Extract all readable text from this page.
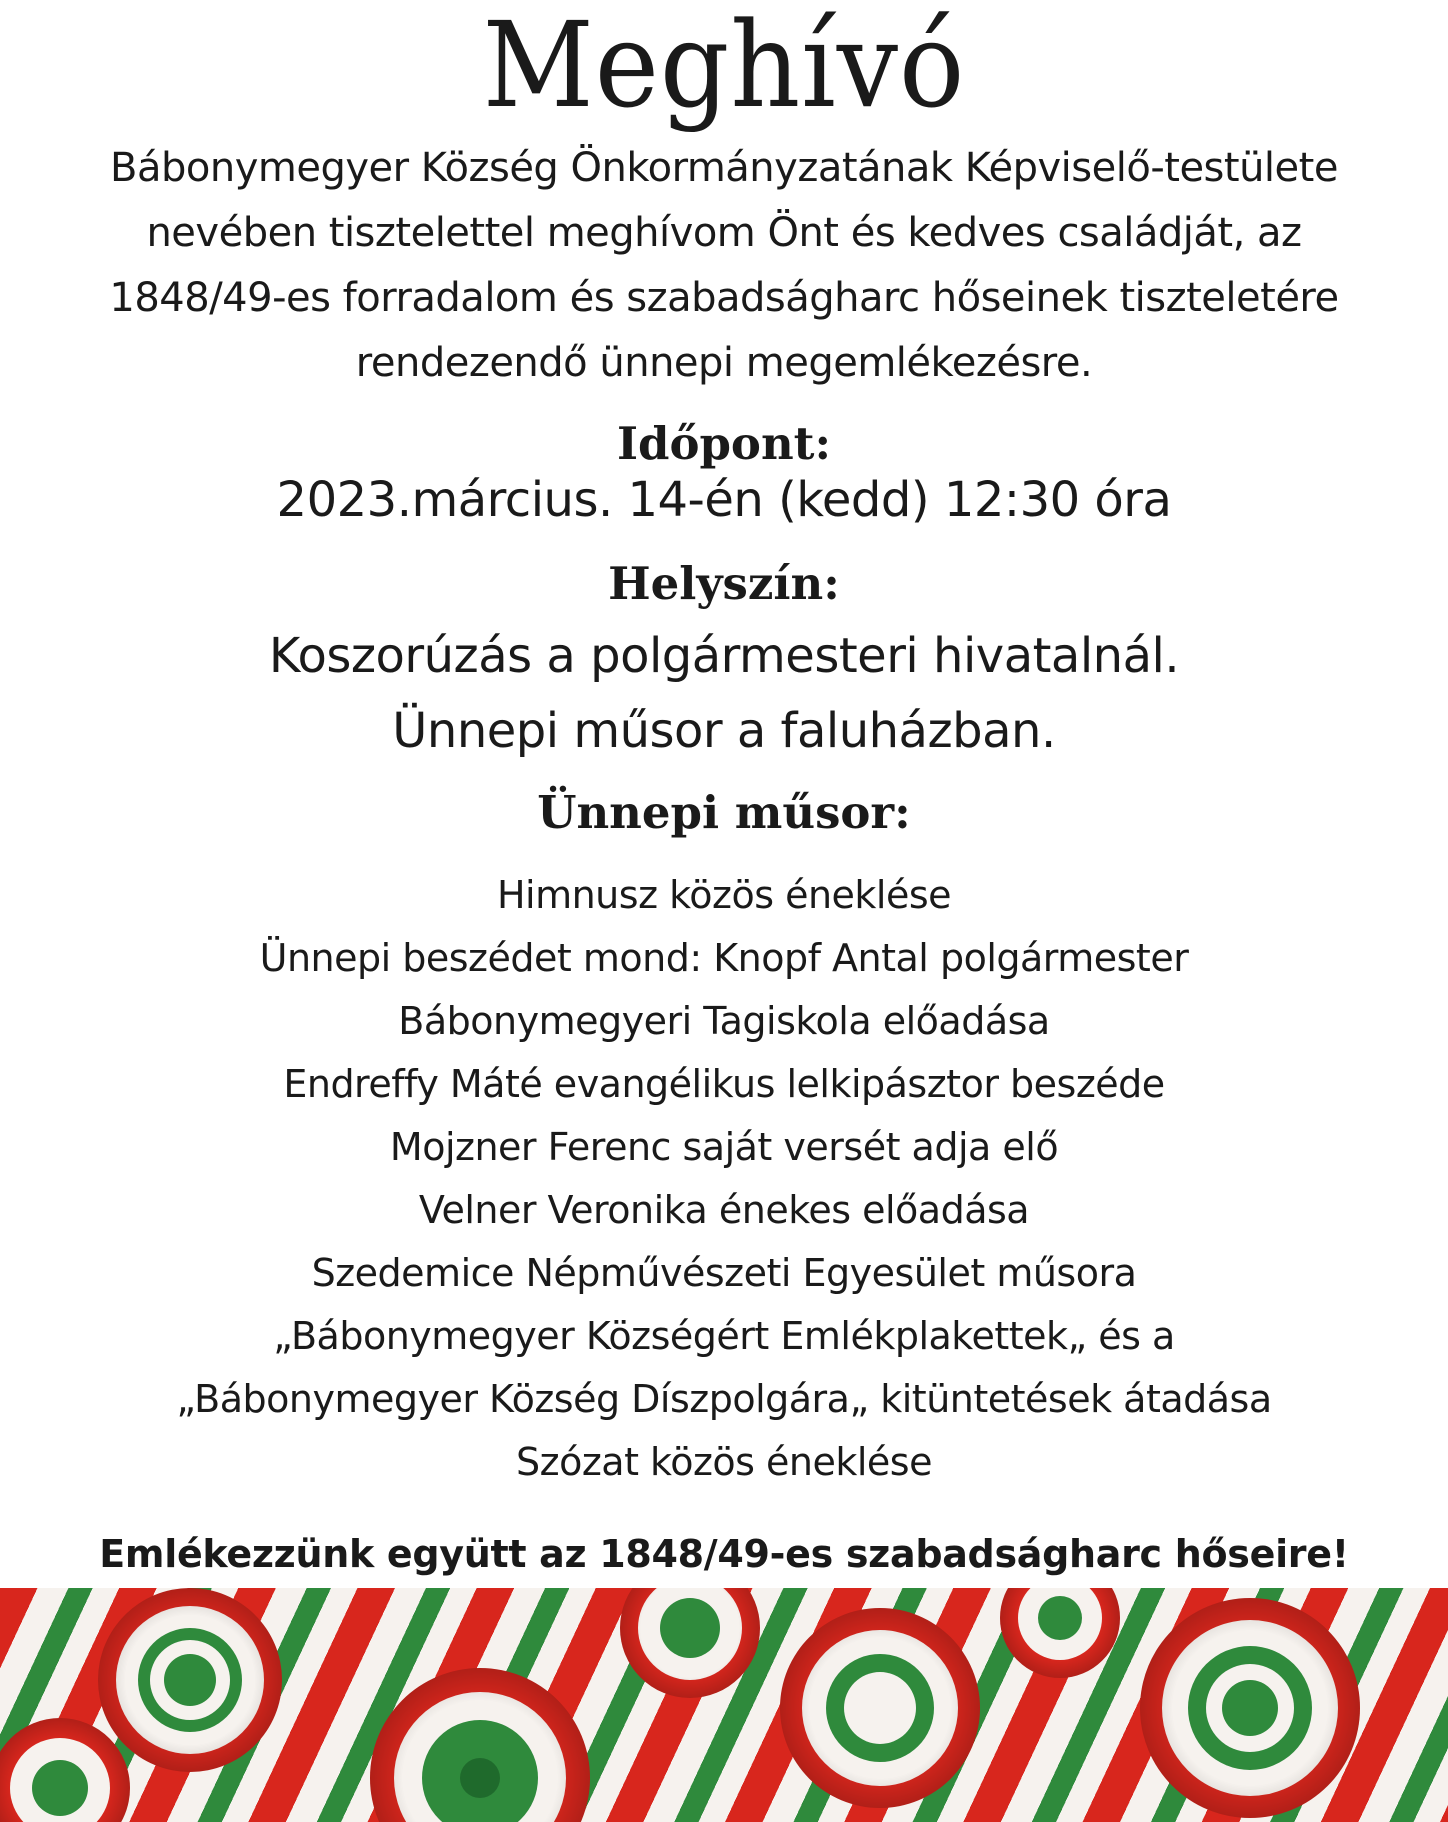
Meghívó
Bábonymegyer Község Önkormányzatának Képviselő-testülete
nevében tisztelettel meghívom Önt és kedves családját, az
1848/49-es forradalom és szabadságharc hőseinek tiszteletére
rendezendő ünnepi megemlékezésre.
Időpont:
2023.március. 14-én (kedd) 12:30 óra
Helyszín:
Koszorúzás a polgármesteri hivatalnál.
Ünnepi műsor a faluházban.
Ünnepi műsor:
Himnusz közös éneklése
Ünnepi beszédet mond: Knopf Antal polgármester
Bábonymegyeri Tagiskola előadása
Endreffy Máté evangélikus lelkipásztor beszéde
Mojzner Ferenc saját versét adja elő
Velner Veronika énekes előadása
Szedemice Népművészeti Egyesület műsora
„Bábonymegyer Községért Emlékplakettek„ és a
„Bábonymegyer Község Díszpolgára„ kitüntetések átadása
Szózat közös éneklése
Emlékezzünk együtt az 1848/49-es szabadságharc hőseire!
